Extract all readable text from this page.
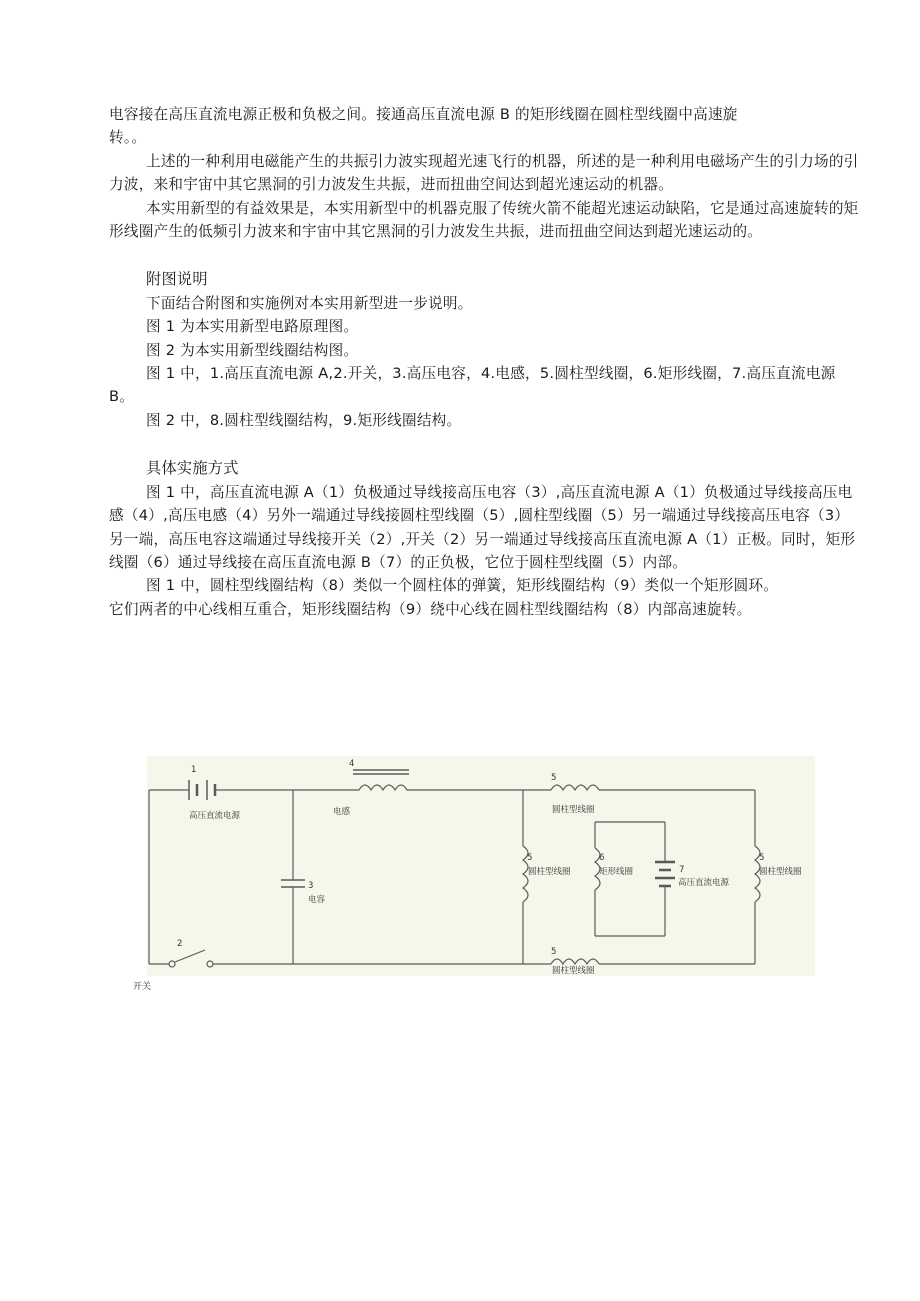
电容接在高压直流电源正极和负极之间。接通高压直流电源 B 的矩形线圈在圆柱型线圈中高速旋

转。。

上述的一种利用电磁能产生的共振引力波实现超光速飞行的机器，所述的是一种利用电磁场产生的引力场的引力波，来和宇宙中其它黑洞的引力波发生共振，进而扭曲空间达到超光速运动的机器。

本实用新型的有益效果是，本实用新型中的机器克服了传统火箭不能超光速运动缺陷，它是通过高速旋转的矩形线圈产生的低频引力波来和宇宙中其它黑洞的引力波发生共振，进而扭曲空间达到超光速运动的。

附图说明

下面结合附图和实施例对本实用新型进一步说明。

图 1 为本实用新型电路原理图。

图 2 为本实用新型线圈结构图。

图 1 中，1.高压直流电源 A,2.开关，3.高压电容，4.电感，5.圆柱型线圈，6.矩形线圈，7.高压直流电源 B。

图 2 中，8.圆柱型线圈结构，9.矩形线圈结构。

具体实施方式

图 1 中，高压直流电源 A（1）负极通过导线接高压电容（3）,高压直流电源 A（1）负极通过导线接高压电感（4）,高压电感（4）另外一端通过导线接圆柱型线圈（5）,圆柱型线圈（5）另一端通过导线接高压电容（3）另一端，高压电容这端通过导线接开关（2）,开关（2）另一端通过导线接高压直流电源 A（1）正极。同时，矩形线圈（6）通过导线接在高压直流电源 B（7）的正负极，它位于圆柱型线圈（5）内部。

图 1 中，圆柱型线圈结构（8）类似一个圆柱体的弹簧，矩形线圈结构（9）类似一个矩形圆环。

它们两者的中心线相互重合，矩形线圈结构（9）绕中心线在圆柱型线圈结构（8）内部高速旋转。

1
高压直流电源
4
电感
3
电容
2
5
圆柱型线圈
5
圆柱型线圈
6
矩形线圈	7
高压直流电源
5
圆柱型线圈
5
圆柱型线圈
开关
